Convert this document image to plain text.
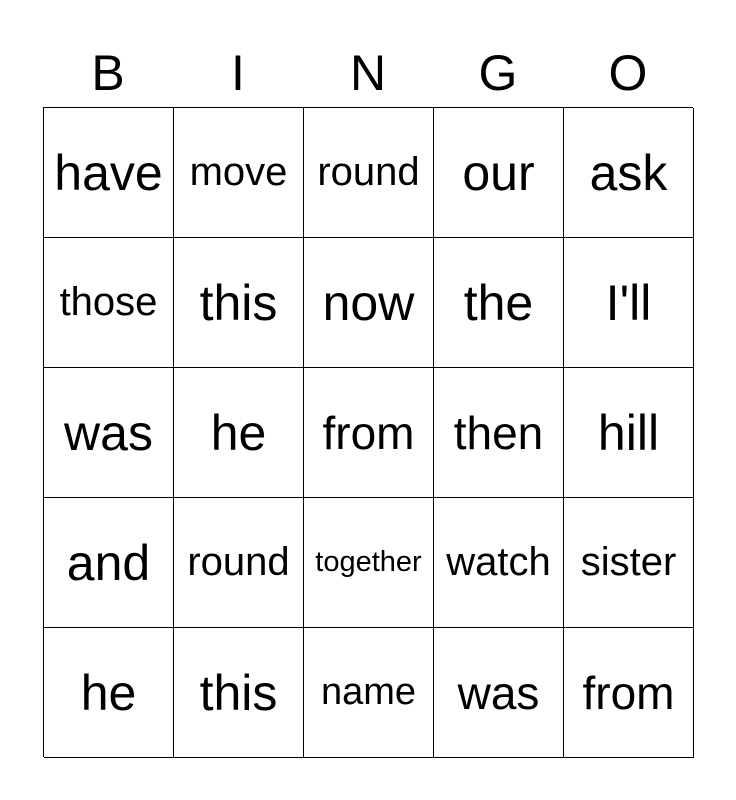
B	I	N	G	O
have move round our	ask
those this now the	I'll
was	he	from then	hill
and round together watch sister
he	this	name was from
